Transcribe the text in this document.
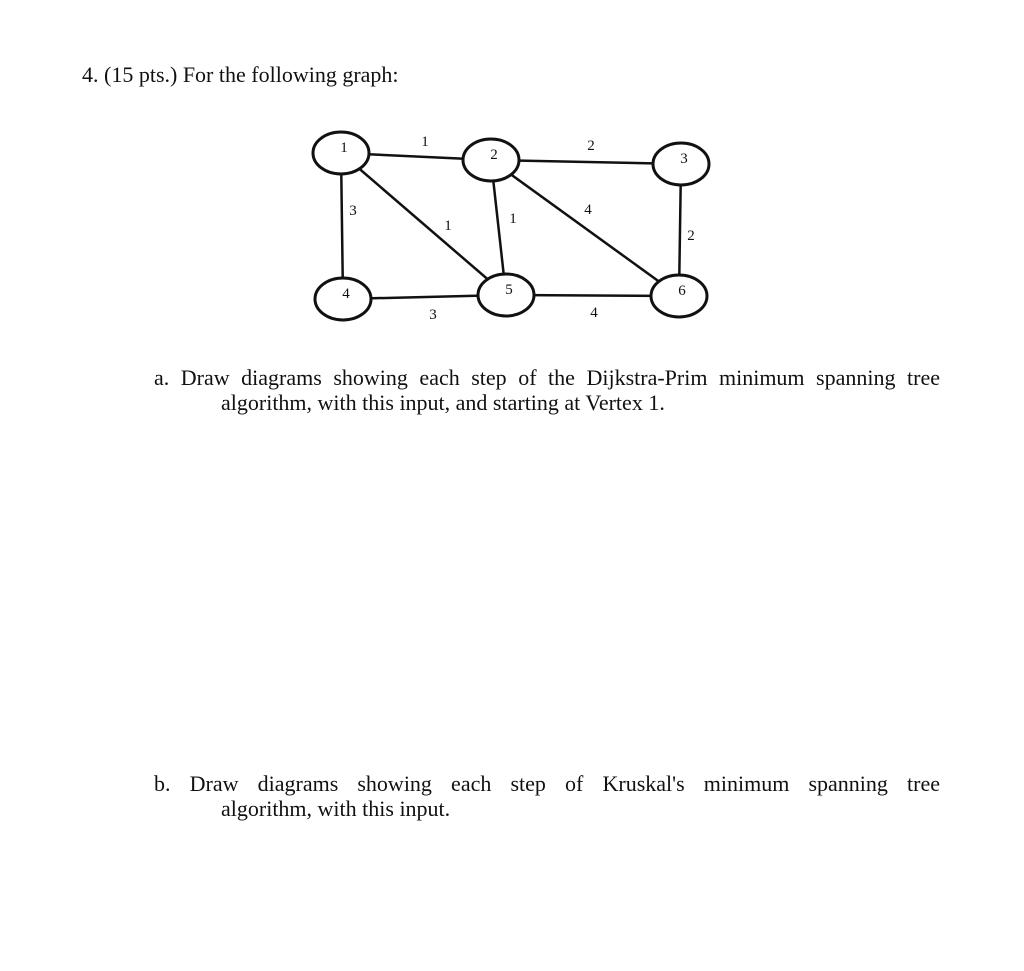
4. (15 pts.) For the following graph:
1	2
3
1	1
4
2
3	4
1	2	3
4	5	6
a. Draw diagrams showing each step of the Dijkstra-Prim minimum spanning tree
algorithm, with this input, and starting at Vertex 1.
b. Draw diagrams showing each step of Kruskal's minimum spanning tree
algorithm, with this input.
